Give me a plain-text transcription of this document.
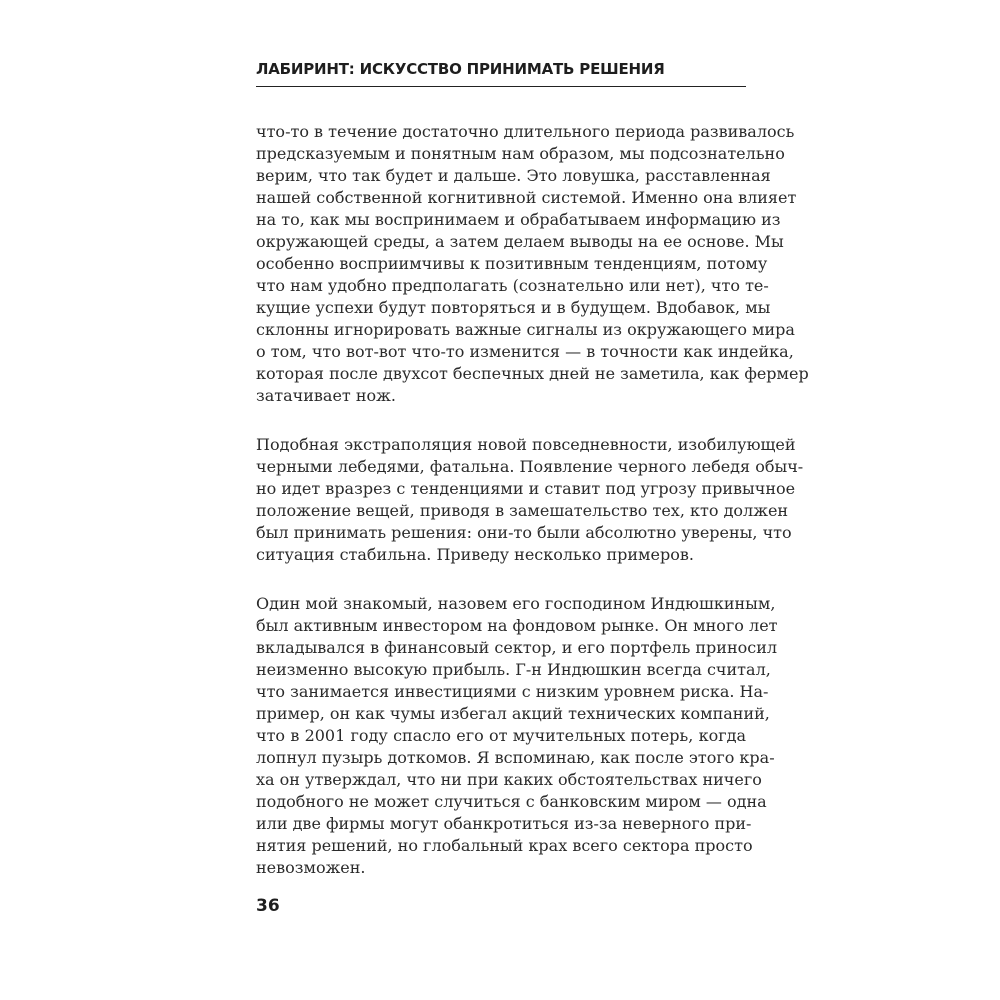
ЛАБИРИНТ: ИСКУССТВО ПРИНИМАТЬ РЕШЕНИЯ
что-то в течение достаточно длительного периода развивалось
предсказуемым и понятным нам образом, мы подсознательно
верим, что так будет и дальше. Это ловушка, расставленная
нашей собственной когнитивной системой. Именно она влияет
на то, как мы воспринимаем и обрабатываем информацию из
окружающей среды, а затем делаем выводы на ее основе. Мы
особенно восприимчивы к позитивным тенденциям, потому
что нам удобно предполагать (сознательно или нет), что те-
кущие успехи будут повторяться и в будущем. Вдобавок, мы
склонны игнорировать важные сигналы из окружающего мира
о том, что вот-вот что-то изменится — в точности как индейка,
которая после двухсот беспечных дней не заметила, как фермер
затачивает нож.
Подобная экстраполяция новой повседневности, изобилующей
черными лебедями, фатальна. Появление черного лебедя обыч-
но идет вразрез с тенденциями и ставит под угрозу привычное
положение вещей, приводя в замешательство тех, кто должен
был принимать решения: они-то были абсолютно уверены, что
ситуация стабильна. Приведу несколько примеров.
Один мой знакомый, назовем его господином Индюшкиным,
был активным инвестором на фондовом рынке. Он много лет
вкладывался в финансовый сектор, и его портфель приносил
неизменно высокую прибыль. Г-н Индюшкин всегда считал,
что занимается инвестициями с низким уровнем риска. На-
пример, он как чумы избегал акций технических компаний,
что в 2001 году спасло его от мучительных потерь, когда
лопнул пузырь доткомов. Я вспоминаю, как после этого кра-
ха он утверждал, что ни при каких обстоятельствах ничего
подобного не может случиться с банковским миром — одна
или две фирмы могут обанкротиться из-за неверного при-
нятия решений, но глобальный крах всего сектора просто
невозможен.
36
